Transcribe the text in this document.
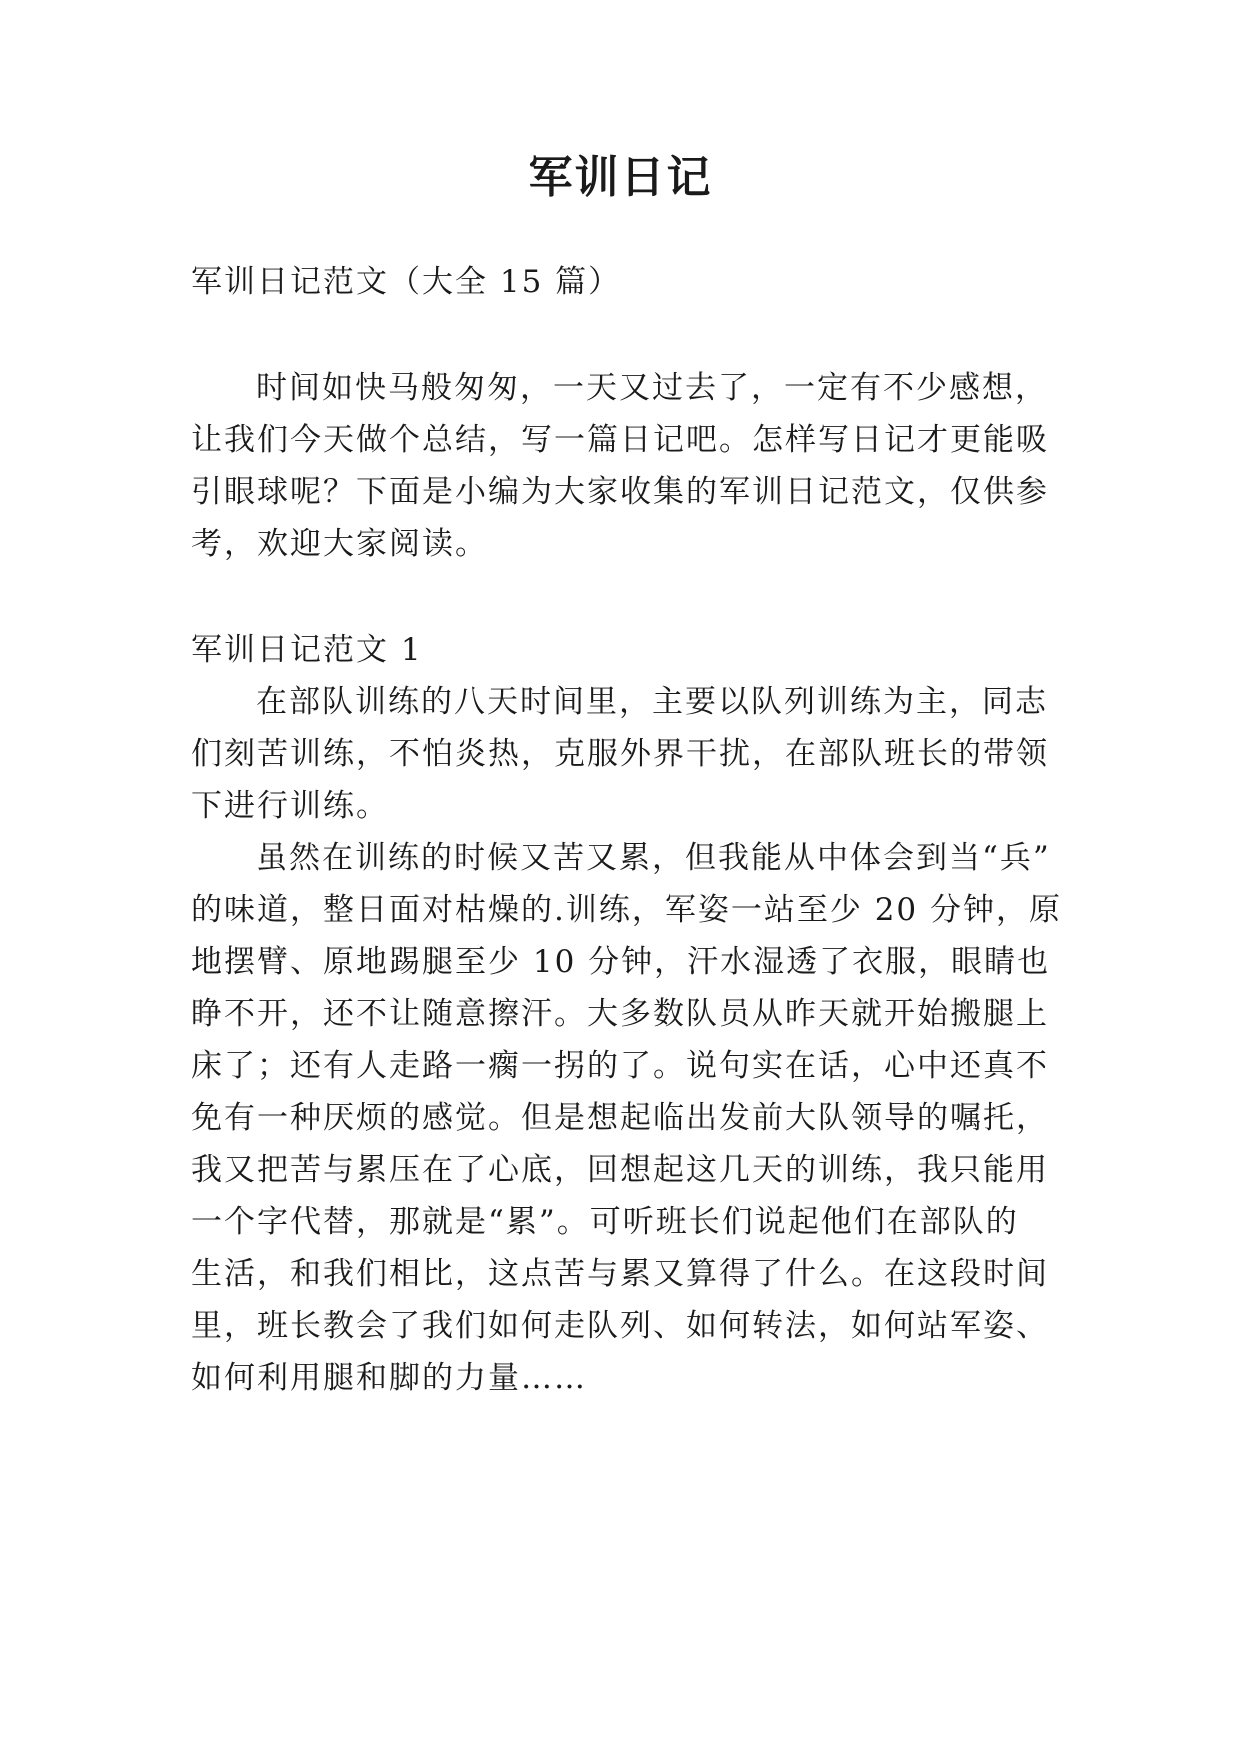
军训日记
军训日记范文（大全 15 篇）
时间如快马般匆匆，一天又过去了，一定有不少感想，
让我们今天做个总结，写一篇日记吧。怎样写日记才更能吸
引眼球呢？下面是小编为大家收集的军训日记范文，仅供参
考，欢迎大家阅读。
军训日记范文 1
在部队训练的八天时间里，主要以队列训练为主，同志
们刻苦训练，不怕炎热，克服外界干扰，在部队班长的带领
下进行训练。
虽然在训练的时候又苦又累，但我能从中体会到当“兵”
的味道，整日面对枯燥的.训练，军姿一站至少 20 分钟，原
地摆臂、原地踢腿至少 10 分钟，汗水湿透了衣服，眼睛也
睁不开，还不让随意擦汗。大多数队员从昨天就开始搬腿上
床了；还有人走路一瘸一拐的了。说句实在话，心中还真不
免有一种厌烦的感觉。但是想起临出发前大队领导的嘱托，
我又把苦与累压在了心底，回想起这几天的训练，我只能用
一个字代替，那就是“累”。可听班长们说起他们在部队的
生活，和我们相比，这点苦与累又算得了什么。在这段时间
里，班长教会了我们如何走队列、如何转法，如何站军姿、
如何利用腿和脚的力量……
